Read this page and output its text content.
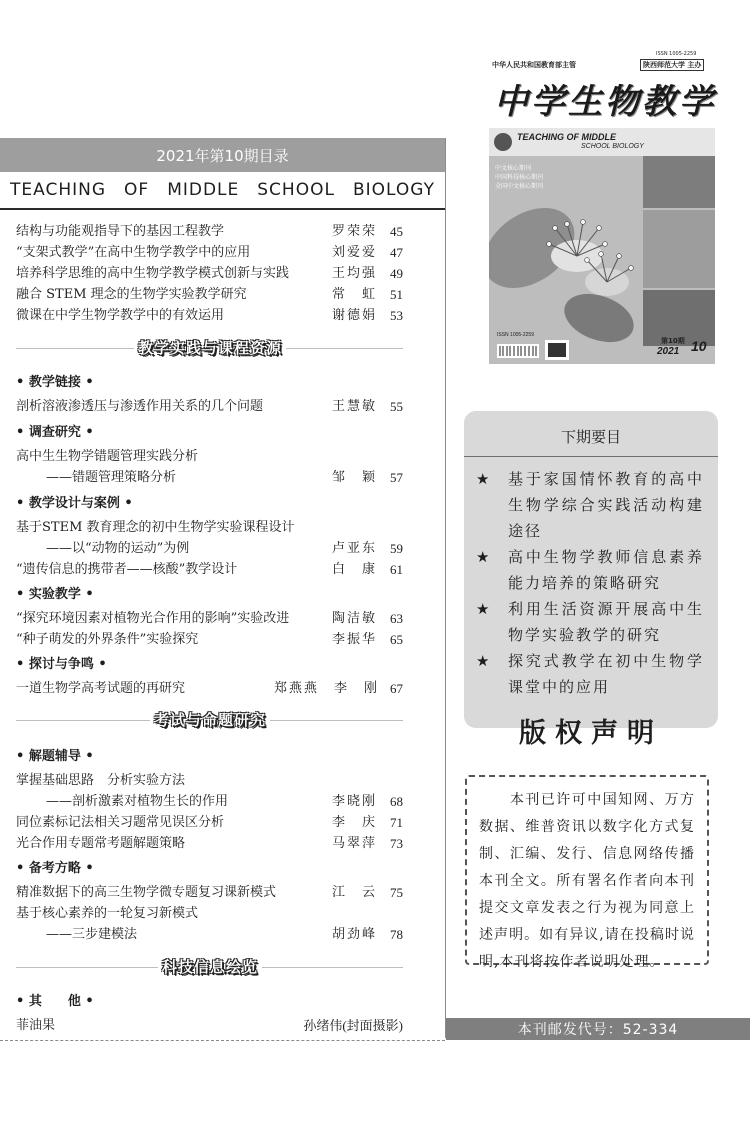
2021年第10期目录
TEACHING OF MIDDLE SCHOOL BIOLOGY
结构与功能观指导下的基因工程教学	罗荣荣 45
“支架式教学”在高中生物学教学中的应用	刘爱爱 47
培养科学思维的高中生物学教学模式创新与实践	王均强 49
融合 STEM 理念的生物学实验教学研究	常　虹 51
微课在中学生物学教学中的有效运用	谢德娟 53
教学实践与课程资源
• 教学链接 •
剖析溶液渗透压与渗透作用关系的几个问题	王慧敏 55
• 调查研究 •
高中生生物学错题管理实践分析
——错题管理策略分析	邹　颖 57
• 教学设计与案例 •
基于STEM 教育理念的初中生物学实验课程设计
——以“动物的运动”为例	卢亚东 59
“遗传信息的携带者——核酸”教学设计	白　康 61
• 实验教学 •
“探究环境因素对植物光合作用的影响”实验改进	陶洁敏 63
“种子萌发的外界条件”实验探究	李振华 65
• 探讨与争鸣 •
一道生物学高考试题的再研究	郑燕燕　李　刚 67
考试与命题研究
• 解题辅导 •
掌握基础思路　分析实验方法
——剖析激素对植物生长的作用	李晓刚 68
同位素标记法相关习题常见误区分析	李　庆 71
光合作用专题常考题解题策略	马翠萍 73
• 备考方略 •
精准数据下的高三生物学微专题复习课新模式	江　云 75
基于核心素养的一轮复习新模式
——三步建模法	胡劲峰 78
科技信息绘览
• 其　　他 •
菲油果	孙绪伟(封面摄影)
中华人民共和国教育部主管
ISSN 1005-2259
陕西师范大学 主办
中学生物教学
TEACHING OF MIDDLE
SCHOOL BIOLOGY
中文核心期刊
中国科技核心期刊
全国中文核心期刊
ISSN 1005-2259
第10期
2021 10
下期要目
★ 基于家国情怀教育的高中生物学综合实践活动构建途径
★ 高中生物学教师信息素养能力培养的策略研究
★ 利用生活资源开展高中生物学实验教学的研究
★ 探究式教学在初中生物学课堂中的应用
版权声明
　　本刊已许可中国知网、万方数据、维普资讯以数字化方式复制、汇编、发行、信息网络传播本刊全文。所有署名作者向本刊提交文章发表之行为视为同意上述声明。如有异议,请在投稿时说明,本刊将按作者说明处理。
本刊邮发代号：52-334
